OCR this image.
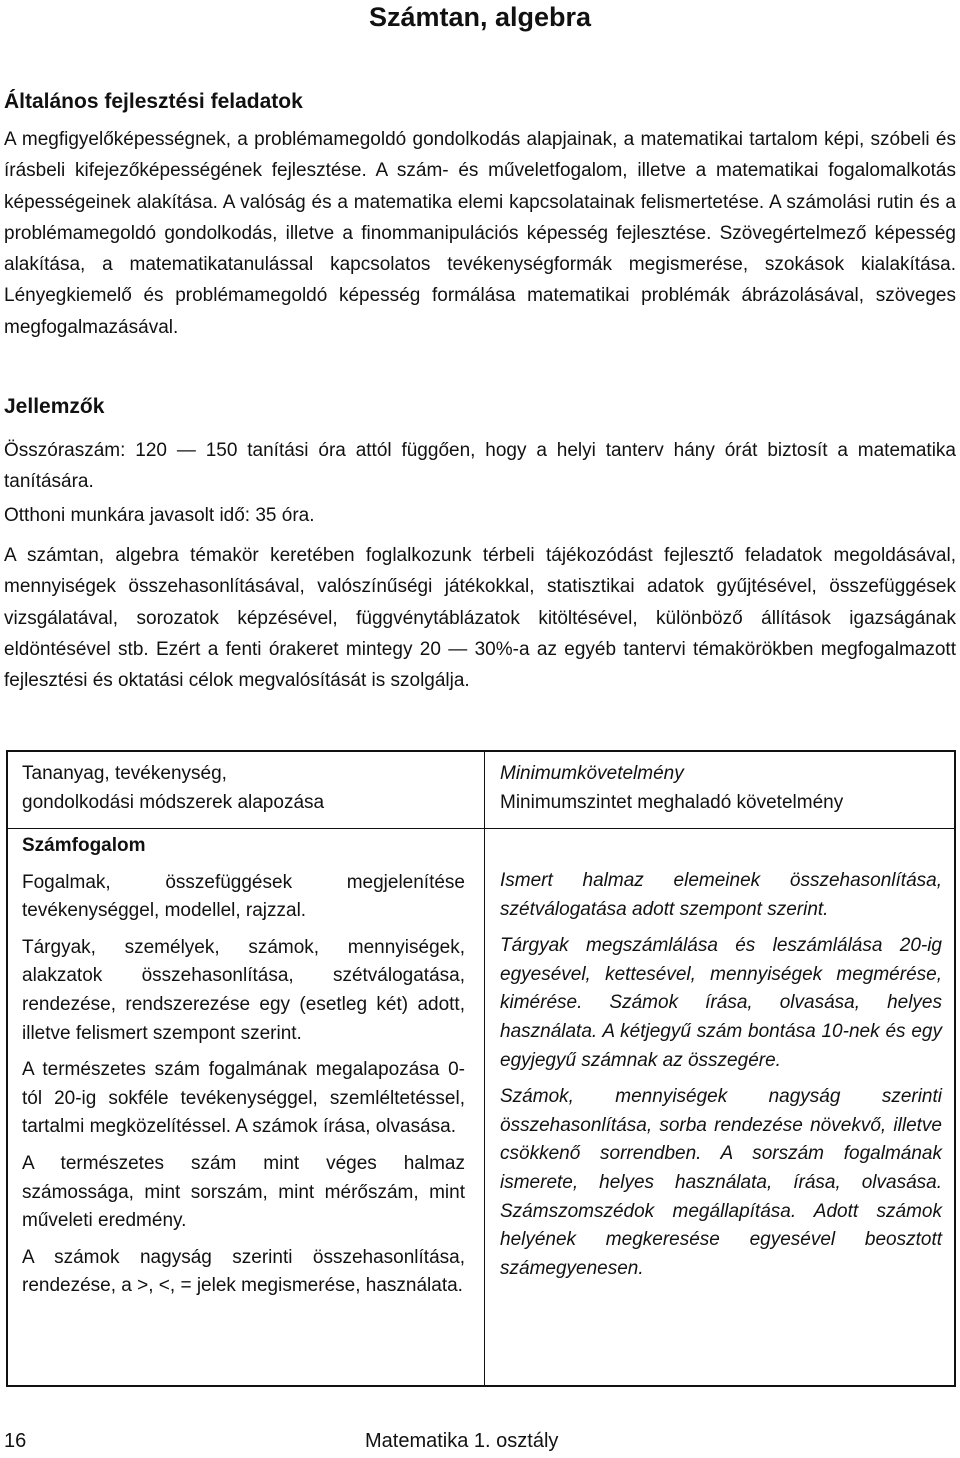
Számtan, algebra
Általános fejlesztési feladatok

A megfigyelőképességnek, a problémamegoldó gondolkodás alapjainak, a matematikai tartalom képi, szóbeli és írásbeli kifejezőképességének fejlesztése. A szám- és műveletfogalom, illetve a matematikai fogalomalkotás képességeinek alakítása. A valóság és a matematika elemi kapcsolatainak felismertetése. A számolási rutin és a problémamegoldó gondolkodás, illetve a finommanipulációs képesség fejlesztése. Szövegértelmező képesség alakítása, a matematikatanulással kapcsolatos tevékenységformák megismerése, szokások kialakítása. Lényegkiemelő és problémamegoldó képesség formálása matematikai problémák ábrázolásával, szöveges megfogalmazásával.

Jellemzők

Összóraszám: 120 — 150 tanítási óra attól függően, hogy a helyi tanterv hány órát biztosít a matematika tanítására.

Otthoni munkára javasolt idő: 35 óra.

A számtan, algebra témakör keretében foglalkozunk térbeli tájékozódást fejlesztő feladatok megoldásával, mennyiségek összehasonlításával, valószínűségi játékokkal, statisztikai adatok gyűjtésével, összefüggések vizsgálatával, sorozatok képzésével, függvénytáblázatok kitöltésével, különböző állítások igazságának eldöntésével stb. Ezért a fenti órakeret mintegy 20 — 30%-a az egyéb tantervi témakörökben megfogalmazott fejlesztési és oktatási célok megvalósítását is szolgálja.

Tananyag, tevékenység,
gondolkodási módszerek alapozása
Minimumkövetelmény
Minimumszintet meghaladó követelmény

Számfogalom

Fogalmak, összefüggések megjelenítése tevékenységgel, modellel, rajzzal.

Tárgyak, személyek, számok, mennyiségek, alakzatok összehasonlítása, szétválogatása, rendezése, rendszerezése egy (esetleg két) adott, illetve felismert szempont szerint.

A természetes szám fogalmának megalapozása 0-tól 20-ig sokféle tevékenységgel, szemléltetéssel, tartalmi megközelítéssel. A számok írása, olvasása.

A természetes szám mint véges halmaz számossága, mint sorszám, mint mérőszám, mint műveleti eredmény.

A számok nagyság szerinti összehasonlítása, rendezése, a >, <, = jelek megismerése, használata.

Ismert halmaz elemeinek összehasonlítása, szétválogatása adott szempont szerint.

Tárgyak megszámlálása és leszámlálása 20-ig egyesével, kettesével, mennyiségek megmérése, kimérése. Számok írása, olvasása, helyes használata. A kétjegyű szám bontása 10-nek és egy egyjegyű számnak az összegére.

Számok, mennyiségek nagyság szerinti összehasonlítása, sorba rendezése növekvő, illetve csökkenő sorrendben. A sorszám fogalmának ismerete, helyes használata, írása, olvasása. Számszomszédok megállapítása. Adott számok helyének megkeresése egyesével beosztott számegyenesen.

16	Matematika 1. osztály
